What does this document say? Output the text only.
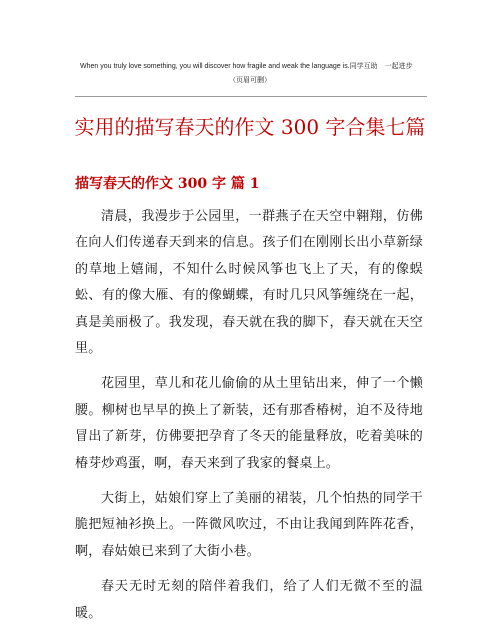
When you truly love something, you will discover how fragile and weak the language is.同学互助　一起进步
（页眉可删）
实用的描写春天的作文 300 字合集七篇
描写春天的作文 300 字 篇 1

清晨，我漫步于公园里，一群燕子在天空中翱翔，仿佛在向人们传递春天到来的信息。孩子们在刚刚长出小草新绿的草地上嬉闹，不知什么时候风筝也飞上了天，有的像蜈蚣、有的像大雁、有的像蝴蝶，有时几只风筝缠绕在一起，真是美丽极了。我发现，春天就在我的脚下，春天就在天空里。

花园里，草儿和花儿偷偷的从土里钻出来，伸了一个懒腰。柳树也早早的换上了新装，还有那香椿树，迫不及待地冒出了新芽，仿佛要把孕育了冬天的能量释放，吃着美味的椿芽炒鸡蛋，啊，春天来到了我家的餐桌上。

大街上，姑娘们穿上了美丽的裙装，几个怕热的同学干脆把短袖衫换上。一阵微风吹过，不由让我闻到阵阵花香，啊，春姑娘已来到了大街小巷。

春天无时无刻的陪伴着我们，给了人们无微不至的温暖。
